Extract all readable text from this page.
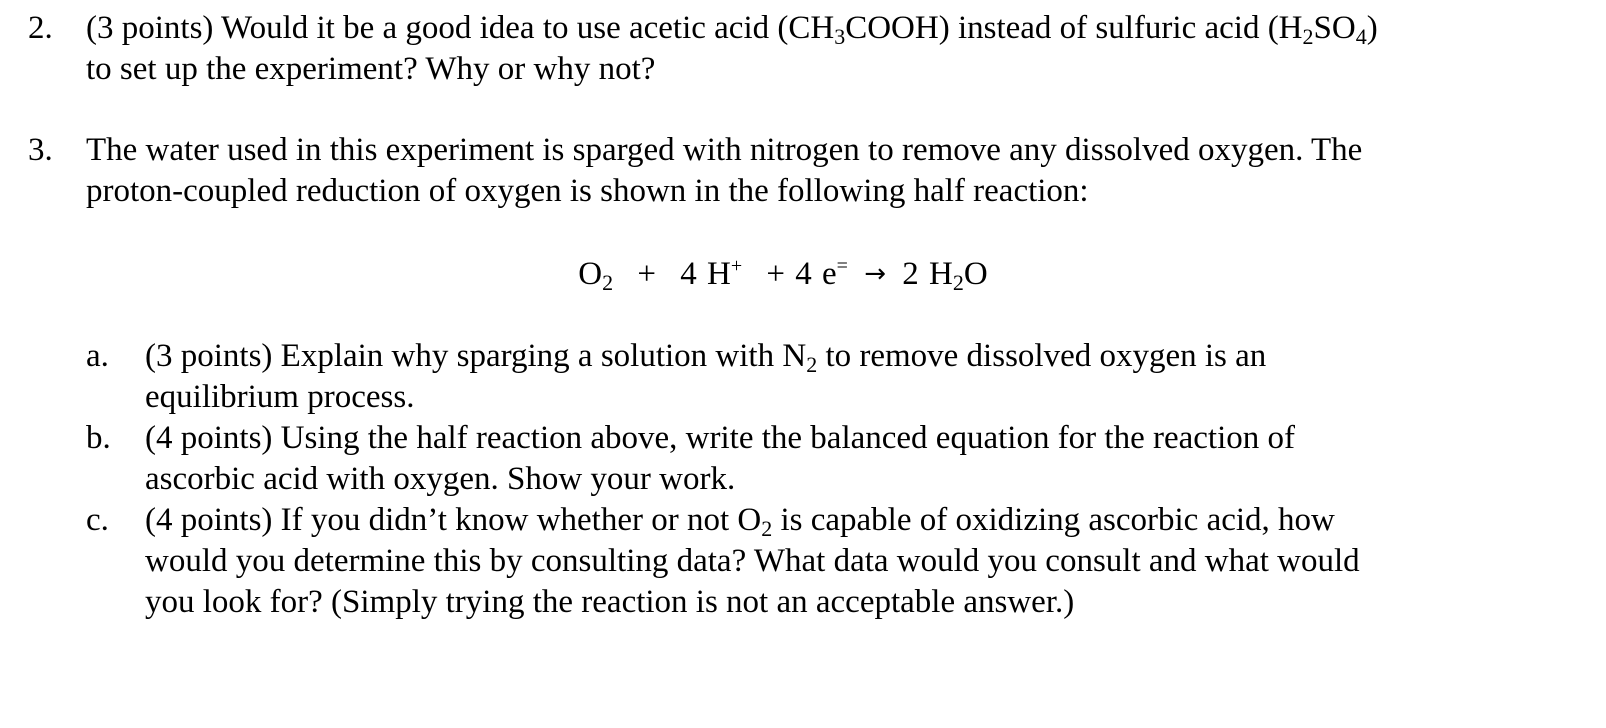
2.	(3 points) Would it be a good idea to use acetic acid $(CH_3COOH)$ instead of sulfuric acid $(H_2SO_4)$
to set up the experiment? Why or why not?
3.	The water used in this experiment is sparged with nitrogen to remove any dissolved oxygen. The
proton-coupled reduction of oxygen is shown in the following half reaction:
$O_2 + 4$ H+ + 4 e= → 2 $H_2O$
a.	(3 points) Explain why sparging a solution with $N_2$ to remove dissolved oxygen is an
equilibrium process.
b.	(4 points) Using the half reaction above, write the balanced equation for the reaction of
ascorbic acid with oxygen. Show your work.
c.	(4 points) If you didn’t know whether or not $O_2$ is capable of oxidizing ascorbic acid, how
would you determine this by consulting data? What data would you consult and what would
you look for? (Simply trying the reaction is not an acceptable answer.)
